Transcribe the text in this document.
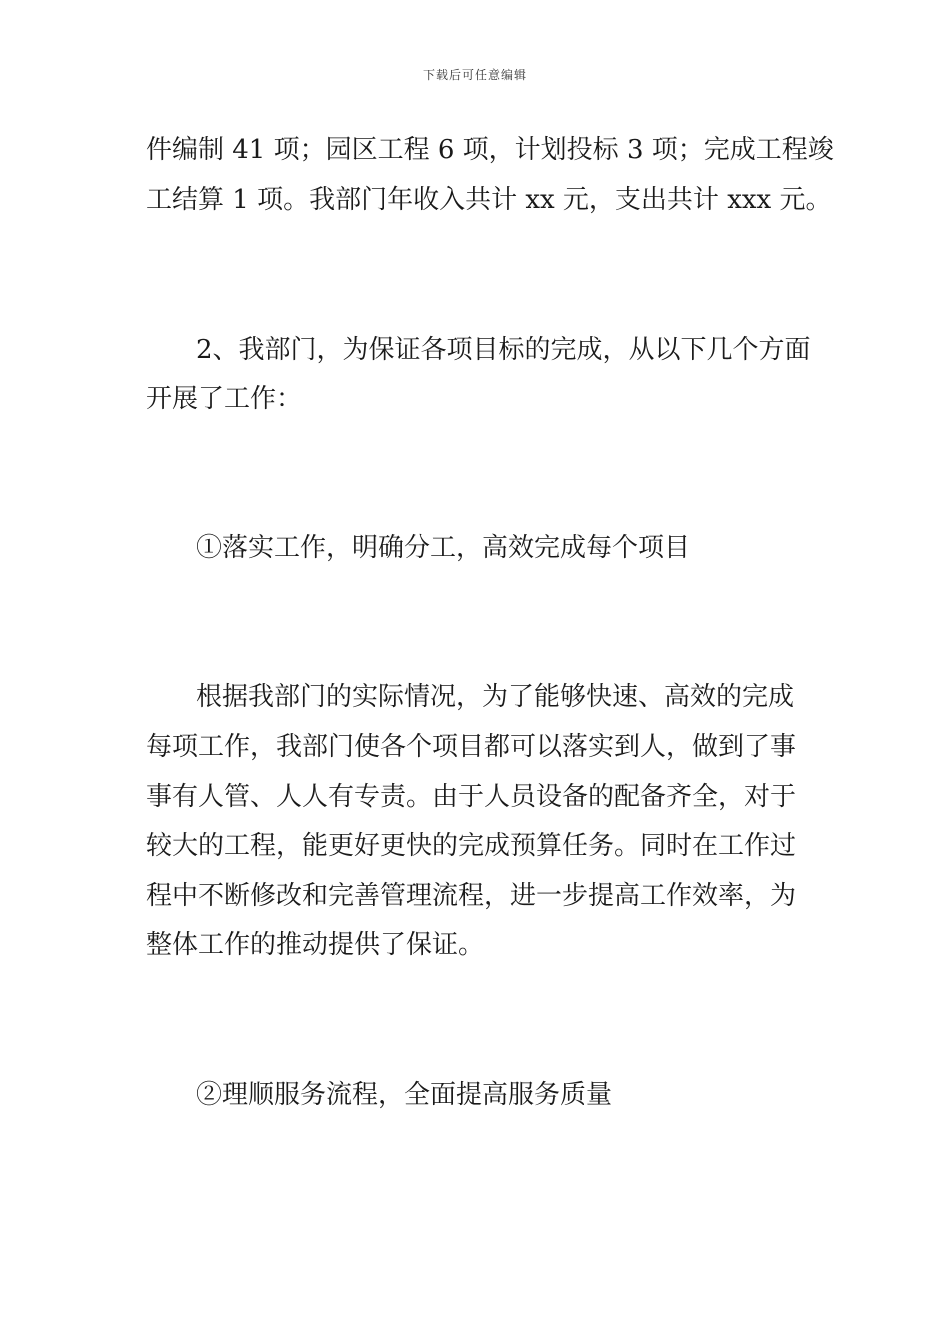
下载后可任意编辑
件编制 41 项；园区工程 6 项，计划投标 3 项；完成工程竣
工结算 1 项。我部门年收入共计 xx 元，支出共计 xxx 元。
2、我部门，为保证各项目标的完成，从以下几个方面
开展了工作：
①落实工作，明确分工，高效完成每个项目
根据我部门的实际情况，为了能够快速、高效的完成
每项工作，我部门使各个项目都可以落实到人，做到了事
事有人管、人人有专责。由于人员设备的配备齐全，对于
较大的工程，能更好更快的完成预算任务。同时在工作过
程中不断修改和完善管理流程，进一步提高工作效率，为
整体工作的推动提供了保证。
②理顺服务流程，全面提高服务质量
